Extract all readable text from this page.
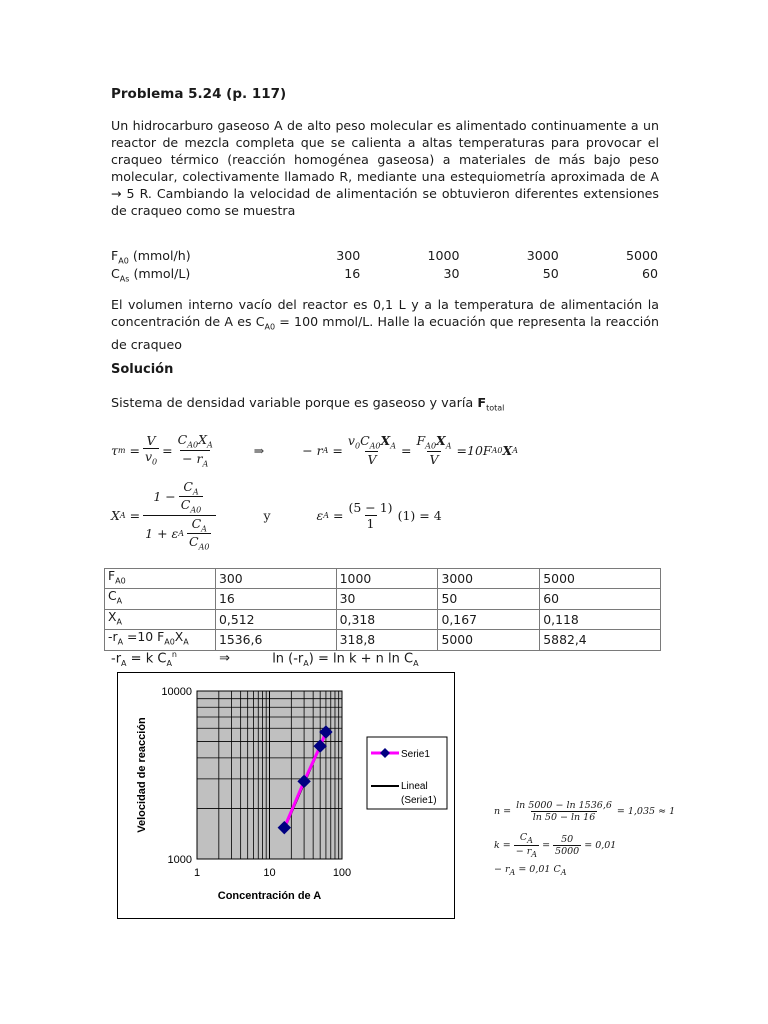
Problema 5.24 (p. 117)
Un hidrocarburo gaseoso A de alto peso molecular es alimentado continuamente a un reactor de mezcla completa que se calienta a altas temperaturas para provocar el craqueo térmico (reacción homogénea gaseosa) a materiales de más bajo peso molecular, colectivamente llamado R, mediante una estequiometría aproximada de A → 5 R. Cambiando la velocidad de alimentación se obtuvieron diferentes extensiones de craqueo como se muestra
$F_{A0}$ (mmol/h)	300	1000	3000	5000
$C_{As}$ (mmol/L)	16	30	50	60
El volumen interno vacío del reactor es 0,1 L y a la temperatura de alimentación la concentración de A es $C_{A0} = 100$ mmol/L. Halle la ecuación que representa la reacción de craqueo
Solución
Sistema de densidad variable porque es gaseoso y varía $F_{total}$
τ $m = \frac{V}{v_0} = \frac{C_{A0}X_A}{- r_A}$	⇒	− r $A = \frac{v_0C_{A0}X_A}{V} = \frac{F_{A0}X_A}{V} = 10F$ A0 X A
X $A = \frac{1 - \frac{C_A}{C_{A0}}}{1 + \varepsilon A \frac{C_A}{C_{A0}}}$	y	ε $A = \frac{(5 - 1)}{1} (1) = 4$
$F_{A0}$	300	1000	3000	5000
$C_A$	16	30	50	60
$X_A$	0,512	0,318	0,167	0,118
$-r_A =10$ $F_{A0}X_A$	1536,6	318,8	5000	5882,4
$-r_A = k$ $C_A^n$	⇒	$\ln (-r_A) = \ln k + n$ $\ln C_A$
1	10	100
1000
10000
Concentración de A
Velocidad de reacción	Serie1
Lineal
(Serie1)
$n = \frac{\ln 5000 - \ln 1536,6}{\ln 50 - \ln 16} = 1,035 \approx 1$
$k = \frac{C_A}{- r_A} = \frac{50}{5000} = 0,01$
− $r_A = 0,01$ $C_A$
